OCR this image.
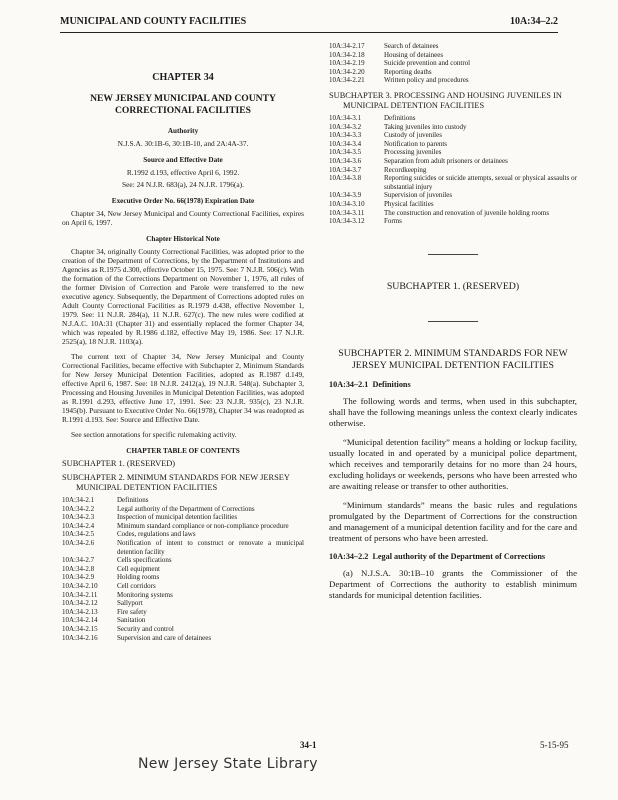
MUNICIPAL AND COUNTY FACILITIES	10A:34–2.2
CHAPTER 34
NEW JERSEY MUNICIPAL AND COUNTY CORRECTIONAL FACILITIES
Authority
N.J.S.A. 30:1B-6, 30:1B-10, and 2A:4A-37.
Source and Effective Date
R.1992 d.193, effective April 6, 1992.
See: 24 N.J.R. 683(a), 24 N.J.R. 1796(a).
Executive Order No. 66(1978) Expiration Date

Chapter 34, New Jersey Municipal and County Correctional Facilities, expires on April 6, 1997.

Chapter Historical Note

Chapter 34, originally County Correctional Facilities, was adopted prior to the creation of the Department of Corrections, by the Department of Institutions and Agencies as R.1975 d.300, effective October 15, 1975. See: 7 N.J.R. 506(c). With the formation of the Corrections Department on November 1, 1976, all rules of the former Division of Correction and Parole were transferred to the new executive agency. Subsequently, the Department of Corrections adopted rules on Adult County Correctional Facilities as R.1979 d.438, effective November 1, 1979. See: 11 N.J.R. 284(a), 11 N.J.R. 627(c). The new rules were codified at N.J.A.C. 10A:31 (Chapter 31) and essentially replaced the former Chapter 34, which was repealed by R.1986 d.182, effective May 19, 1986. See: 17 N.J.R. 2525(a), 18 N.J.R. 1103(a).

The current text of Chapter 34, New Jersey Municipal and County Correctional Facilities, became effective with Subchapter 2, Minimum Standards for New Jersey Municipal Detention Facilities, adopted as R.1987 d.149, effective April 6, 1987. See: 18 N.J.R. 2412(a), 19 N.J.R. 548(a). Subchapter 3, Processing and Housing Juveniles in Municipal Detention Facilities, was adopted as R.1991 d.293, effective June 17, 1991. See: 23 N.J.R. 935(c), 23 N.J.R. 1945(b). Pursuant to Executive Order No. 66(1978), Chapter 34 was readopted as R.1991 d.193. See: Source and Effective Date.

See section annotations for specific rulemaking activity.

CHAPTER TABLE OF CONTENTS
SUBCHAPTER 1. (RESERVED)
SUBCHAPTER 2. MINIMUM STANDARDS FOR NEW JERSEY MUNICIPAL DETENTION FACILITIES
10A:34-2.1	Definitions
10A:34-2.2	Legal authority of the Department of Corrections
10A:34-2.3	Inspection of municipal detention facilities
10A:34-2.4	Minimum standard compliance or non-compliance procedure
10A:34-2.5	Codes, regulations and laws
10A:34-2.6	Notification of intent to construct or renovate a municipal detention facility
10A:34-2.7	Cells specifications
10A:34-2.8	Cell equipment
10A:34-2.9	Holding rooms
10A:34-2.10	Cell corridors
10A:34-2.11	Monitoring systems
10A:34-2.12	Sallyport
10A:34-2.13	Fire safety
10A:34-2.14	Sanitation
10A:34-2.15	Security and control
10A:34-2.16	Supervision and care of detainees
10A:34-2.17	Search of detainees
10A:34-2.18	Housing of detainees
10A:34-2.19	Suicide prevention and control
10A:34-2.20	Reporting deaths
10A:34-2.21	Written policy and procedures
SUBCHAPTER 3. PROCESSING AND HOUSING JUVENILES IN MUNICIPAL DETENTION FACILITIES
10A:34-3.1	Definitions
10A:34-3.2	Taking juveniles into custody
10A:34-3.3	Custody of juveniles
10A:34-3.4	Notification to parents
10A:34-3.5	Processing juveniles
10A:34-3.6	Separation from adult prisoners or detainees
10A:34-3.7	Recordkeeping
10A:34-3.8	Reporting suicides or suicide attempts, sexual or physical assaults or substantial injury
10A:34-3.9	Supervision of juveniles
10A:34-3.10	Physical facilities
10A:34-3.11	The construction and renovation of juvenile holding rooms
10A:34-3.12	Forms
SUBCHAPTER 1. (RESERVED)
SUBCHAPTER 2. MINIMUM STANDARDS FOR NEW JERSEY MUNICIPAL DETENTION FACILITIES
10A:34–2.1 Definitions

The following words and terms, when used in this subchapter, shall have the following meanings unless the context clearly indicates otherwise.

“Municipal detention facility” means a holding or lockup facility, usually located in and operated by a municipal police department, which receives and temporarily detains for no more than 24 hours, excluding holidays or weekends, persons who have been arrested who are awaiting release or transfer to other authorities.

“Minimum standards” means the basic rules and regulations promulgated by the Department of Corrections for the construction and management of a municipal detention facility and for the care and treatment of persons who have been arrested.

10A:34–2.2 Legal authority of the Department of Corrections

(a) N.J.S.A. 30:1B–10 grants the Commissioner of the Department of Corrections the authority to establish minimum standards for municipal detention facilities.

34-1	5-15-95
New Jersey State Library
